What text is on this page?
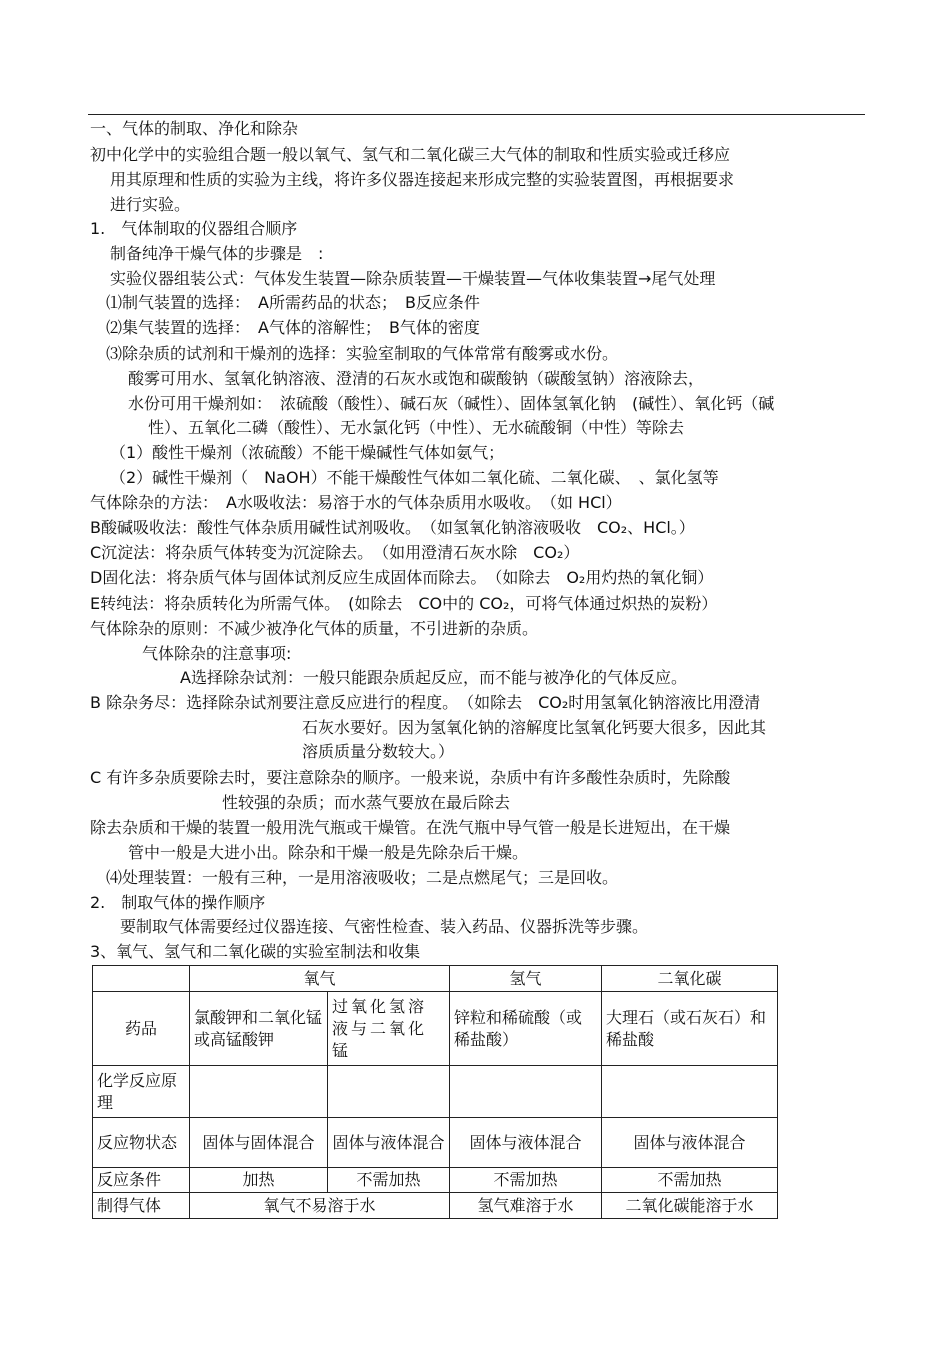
一、气体的制取、净化和除杂
初中化学中的实验组合题一般以氧气、氢气和二氧化碳三大气体的制取和性质实验或迁移应
用其原理和性质的实验为主线，将许多仪器连接起来形成完整的实验装置图，再根据要求
进行实验。
1.　气体制取的仪器组合顺序
制备纯净干燥气体的步骤是　:
实验仪器组装公式：气体发生装置—除杂质装置—干燥装置—气体收集装置→尾气处理
⑴制气装置的选择：　A所需药品的状态；　B反应条件
⑵集气装置的选择：　A气体的溶解性；　B气体的密度
⑶除杂质的试剂和干燥剂的选择：实验室制取的气体常常有酸雾或水份。
酸雾可用水、氢氧化钠溶液、澄清的石灰水或饱和碳酸钠（碳酸氢钠）溶液除去，
水份可用干燥剂如：　浓硫酸（酸性）、碱石灰（碱性）、固体氢氧化钠　(碱性）、氧化钙（碱
性）、五氧化二磷（酸性）、无水氯化钙（中性）、无水硫酸铜（中性）等除去
（1）酸性干燥剂（浓硫酸）不能干燥碱性气体如氨气；
（2）碱性干燥剂（　NaOH）不能干燥酸性气体如二氧化硫、二氧化碳、　、氯化氢等
气体除杂的方法：　A水吸收法：易溶于水的气体杂质用水吸收。　（如 HCl）
B酸碱吸收法：酸性气体杂质用碱性试剂吸收。　（如氢氧化钠溶液吸收　CO₂、HCl。）
C沉淀法：将杂质气体转变为沉淀除去。　（如用澄清石灰水除　CO₂）
D固化法：将杂质气体与固体试剂反应生成固体而除去。　（如除去　O₂用灼热的氧化铜）
E转纯法：将杂质转化为所需气体。　(如除去　CO中的 CO₂，可将气体通过炽热的炭粉）
气体除杂的原则：不减少被净化气体的质量，不引进新的杂质。
气体除杂的注意事项:
A选择除杂试剂：一般只能跟杂质起反应，而不能与被净化的气体反应。
B 除杂务尽：选择除杂试剂要注意反应进行的程度。　（如除去　CO₂时用氢氧化钠溶液比用澄清
石灰水要好。因为氢氧化钠的溶解度比氢氧化钙要大很多，因此其
溶质质量分数较大。）
C 有许多杂质要除去时，要注意除杂的顺序。一般来说，杂质中有许多酸性杂质时，先除酸
性较强的杂质；而水蒸气要放在最后除去
除去杂质和干燥的装置一般用洗气瓶或干燥管。在洗气瓶中导气管一般是长进短出，在干燥
管中一般是大进小出。除杂和干燥一般是先除杂后干燥。
⑷处理装置：一般有三种，一是用溶液吸收；二是点燃尾气；三是回收。
2.　制取气体的操作顺序
要制取气体需要经过仪器连接、气密性检查、装入药品、仪器拆洗等步骤。
3、氧气、氢气和二氧化碳的实验室制法和收集
	氧气		氢气	二氧化碳
药品	氯酸钾和二氧化锰或高锰酸钾	过氧化氢溶液与二氧化锰	锌粒和稀硫酸（或稀盐酸）	大理石（或石灰石）和稀盐酸
化学反应原理				
反应物状态	固体与固体混合	固体与液体混合	固体与液体混合	固体与液体混合
反应条件	加热	不需加热	不需加热	不需加热
制得气体	氧气不易溶于水		氢气难溶于水	二氧化碳能溶于水
